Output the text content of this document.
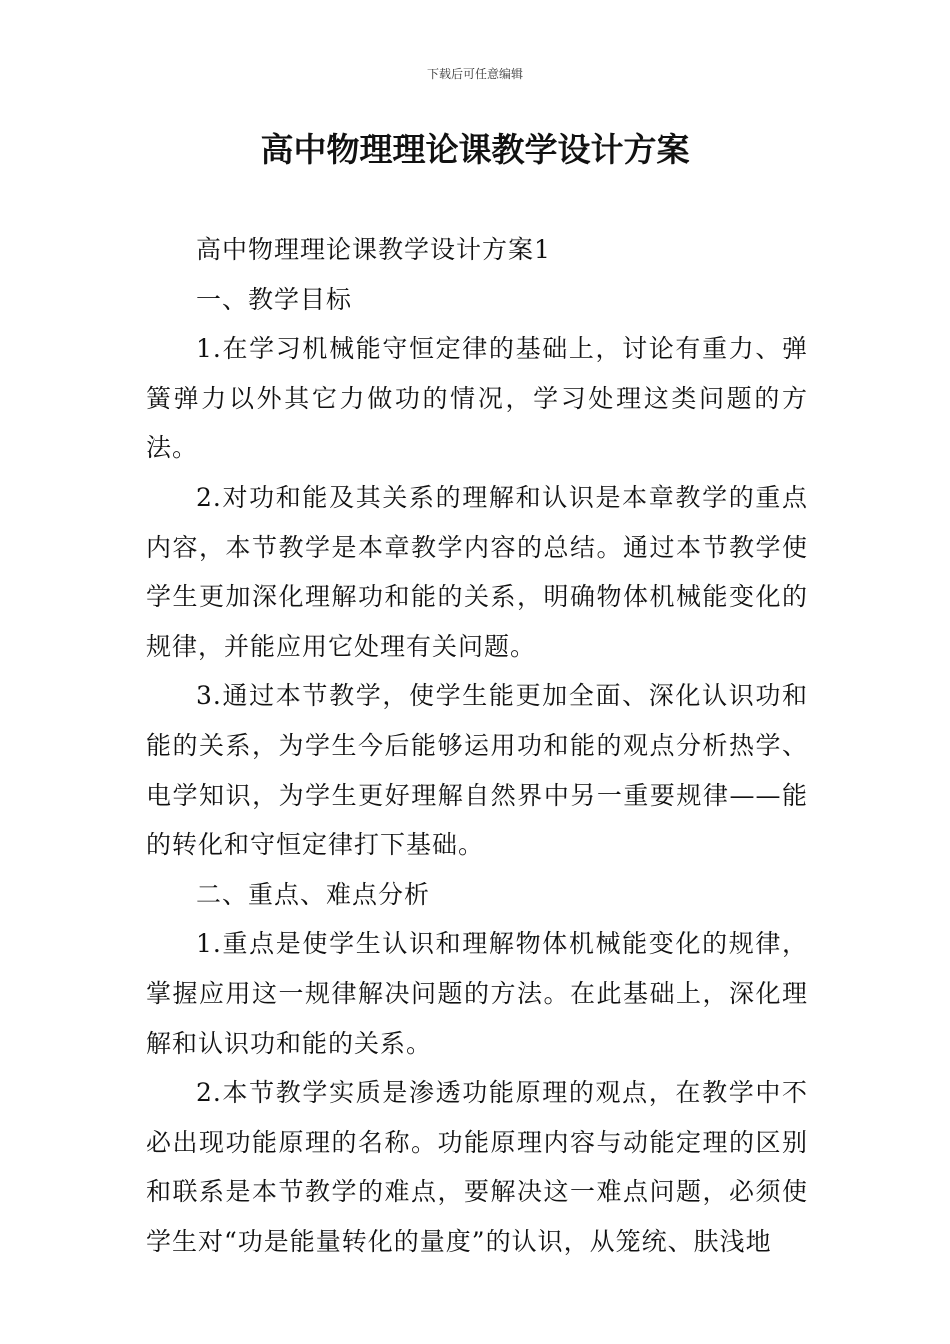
下载后可任意编辑
高中物理理论课教学设计方案

高中物理理论课教学设计方案1

一、教学目标

1.在学习机械能守恒定律的基础上，讨论有重力、弹簧弹力以外其它力做功的情况，学习处理这类问题的方法。

2.对功和能及其关系的理解和认识是本章教学的重点内容，本节教学是本章教学内容的总结。通过本节教学使学生更加深化理解功和能的关系，明确物体机械能变化的规律，并能应用它处理有关问题。

3.通过本节教学，使学生能更加全面、深化认识功和能的关系，为学生今后能够运用功和能的观点分析热学、电学知识，为学生更好理解自然界中另一重要规律——能的转化和守恒定律打下基础。

二、重点、难点分析

1.重点是使学生认识和理解物体机械能变化的规律，掌握应用这一规律解决问题的方法。在此基础上，深化理解和认识功和能的关系。

2.本节教学实质是渗透功能原理的观点，在教学中不必出现功能原理的名称。功能原理内容与动能定理的区别和联系是本节教学的难点，要解决这一难点问题，必须使学生对“功是能量转化的量度”的认识，从笼统、肤浅地
